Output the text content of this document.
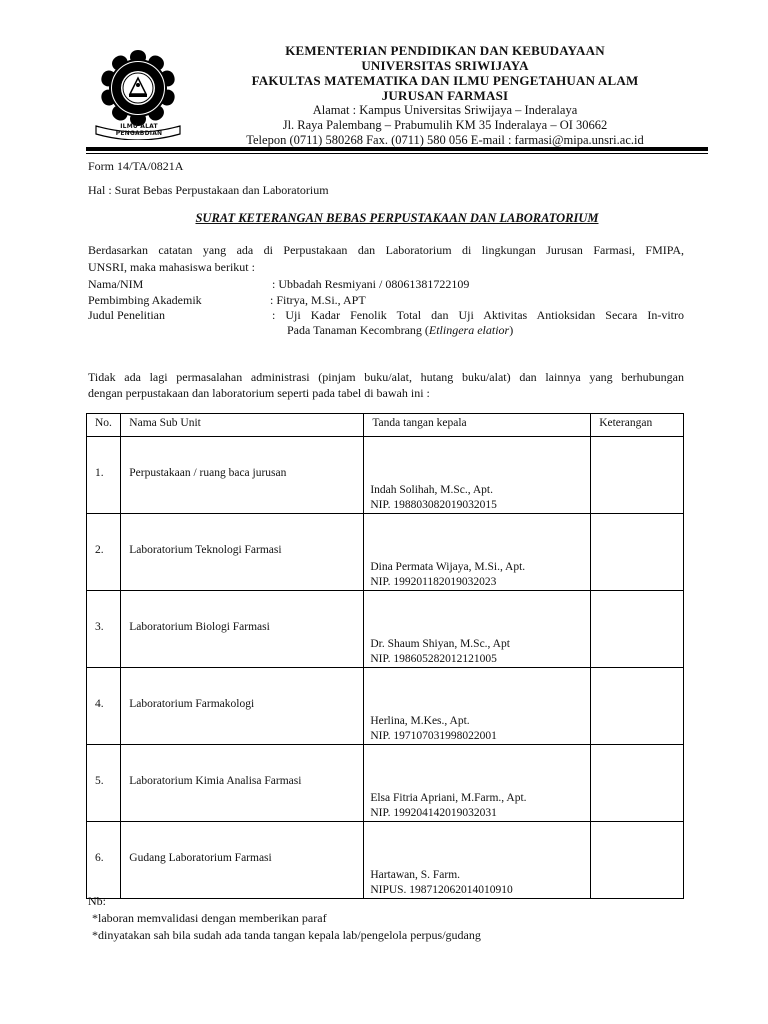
ILMU ALAT PENGABDIAN
KEMENTERIAN PENDIDIKAN DAN KEBUDAYAAN
UNIVERSITAS SRIWIJAYA
FAKULTAS MATEMATIKA DAN ILMU PENGETAHUAN ALAM
JURUSAN FARMASI
Alamat : Kampus Universitas Sriwijaya – Inderalaya
Jl. Raya Palembang – Prabumulih KM 35 Inderalaya – OI 30662
Telepon (0711) 580268 Fax. (0711) 580 056 E-mail : farmasi@mipa.unsri.ac.id
Form 14/TA/0821A
Hal : Surat Bebas Perpustakaan dan Laboratorium
SURAT KETERANGAN BEBAS PERPUSTAKAAN DAN LABORATORIUM
Berdasarkan catatan yang ada di Perpustakaan dan Laboratorium di lingkungan Jurusan Farmasi, FMIPA,
UNSRI, maka mahasiswa berikut :
Nama/NIM	: Ubbadah Resmiyani / 08061381722109
Pembimbing Akademik	: Fitrya, M.Si., APT
Judul Penelitian	: Uji Kadar Fenolik Total dan Uji Aktivitas Antioksidan Secara In-vitro
Pada Tanaman Kecombrang (Etlingera elatior)
Tidak ada lagi permasalahan administrasi (pinjam buku/alat, hutang buku/alat) dan lainnya yang berhubungan
dengan perpustakaan dan laboratorium seperti pada tabel di bawah ini :
No.	Nama Sub Unit	Tanda tangan kepala	Keterangan

1.	Perpustakaan / ruang baca jurusan	Indah Solihah, M.Sc., Apt.
NIP. 198803082019032015	

2.	Laboratorium Teknologi Farmasi	Dina Permata Wijaya, M.Si., Apt.
NIP. 199201182019032023	

3.	Laboratorium Biologi Farmasi	Dr. Shaum Shiyan, M.Sc., Apt
NIP. 198605282012121005	

4.	Laboratorium Farmakologi	Herlina, M.Kes., Apt.
NIP. 197107031998022001	

5.	Laboratorium Kimia Analisa Farmasi	Elsa Fitria Apriani, M.Farm., Apt.
NIP. 199204142019032031	

6.	Gudang Laboratorium Farmasi	Hartawan, S. Farm.
NIPUS. 198712062014010910	

Nb:
*laboran memvalidasi dengan memberikan paraf
*dinyatakan sah bila sudah ada tanda tangan kepala lab/pengelola perpus/gudang
